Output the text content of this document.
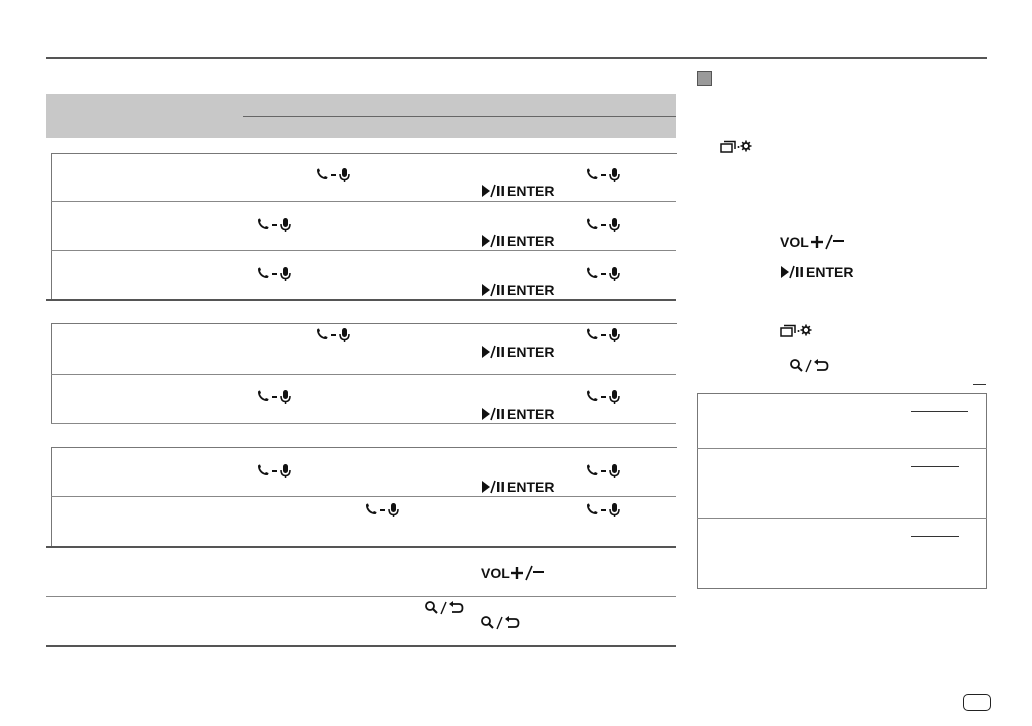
ENTER
ENTER
ENTER
ENTER
ENTER
ENTER
VOL
VOL
ENTER
